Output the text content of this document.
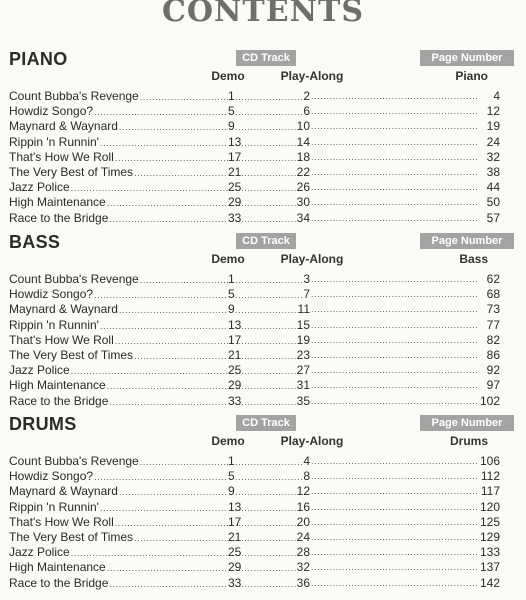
CONTENTS
PIANO	CD Track	Page Number
Demo	Play-Along	Piano
Count Bubba's Revenge .....	1 .....	2 .....	4
Howdiz Songo? .....	5 .....	6 .....	12
Maynard & Waynard .....	9 .....	10 .....	19
Rippin 'n Runnin' .....	13 .....	14 .....	24
That's How We Roll .....	17 .....	18 .....	32
The Very Best of Times .....	21 .....	22 .....	38
Jazz Police .....	25 .....	26 .....	44
High Maintenance .....	29 .....	30 .....	50
Race to the Bridge .....	33 .....	34 .....	57
BASS	CD Track	Page Number
Demo	Play-Along	Bass
Count Bubba's Revenge .....	1 .....	3 .....	62
Howdiz Songo? .....	5 .....	7 .....	68
Maynard & Waynard .....	9 .....	11 .....	73
Rippin 'n Runnin' .....	13 .....	15 .....	77
That's How We Roll .....	17 .....	19 .....	82
The Very Best of Times .....	21 .....	23 .....	86
Jazz Police .....	25 .....	27 .....	92
High Maintenance .....	29 .....	31 .....	97
Race to the Bridge .....	33 .....	35 .....	102
DRUMS	CD Track	Page Number
Demo	Play-Along	Drums
Count Bubba's Revenge .....	1 .....	4 .....	106
Howdiz Songo? .....	5 .....	8 .....	112
Maynard & Waynard .....	9 .....	12 .....	117
Rippin 'n Runnin' .....	13 .....	16 .....	120
That's How We Roll .....	17 .....	20 .....	125
The Very Best of Times .....	21 .....	24 .....	129
Jazz Police .....	25 .....	28 .....	133
High Maintenance .....	29 .....	32 .....	137
Race to the Bridge .....	33 .....	36 .....	142
